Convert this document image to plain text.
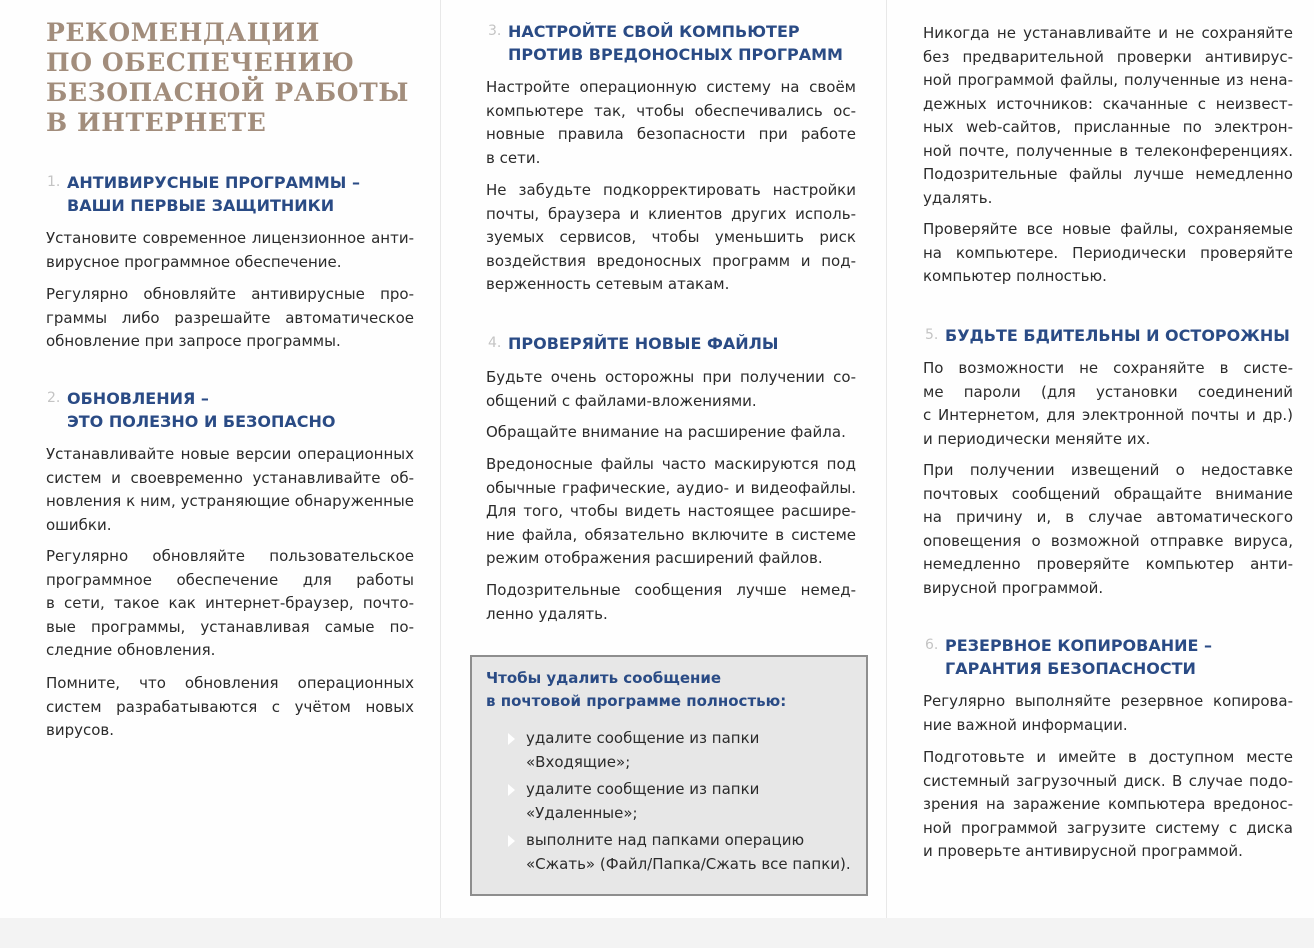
РЕКОМЕНДАЦИИ
ПО ОБЕСПЕЧЕНИЮ
БЕЗОПАСНОЙ РАБОТЫ
В ИНТЕРНЕТЕ
1. АНТИВИРУСНЫЕ ПРОГРАММЫ –
ВАШИ ПЕРВЫЕ ЗАЩИТНИКИ

Установите современное лицензионное анти-
вирусное программное обеспечение.

Регулярно обновляйте антивирусные про-
граммы либо разрешайте автоматическое
обновление при запросе программы.

2. ОБНОВЛЕНИЯ –
ЭТО ПОЛЕЗНО И БЕЗОПАСНО

Устанавливайте новые версии операционных
систем и своевременно устанавливайте об-
новления к ним, устраняющие обнаруженные
ошибки.

Регулярно обновляйте пользовательское
программное обеспечение для работы
в сети, такое как интернет-браузер, почто-
вые программы, устанавливая самые по-
следние обновления.

Помните, что обновления операционных
систем разрабатываются с учётом новых
вирусов.

3. НАСТРОЙТЕ СВОЙ КОМПЬЮТЕР
ПРОТИВ ВРЕДОНОСНЫХ ПРОГРАММ

Настройте операционную систему на своём
компьютере так, чтобы обеспечивались ос-
новные правила безопасности при работе
в сети.

Не забудьте подкорректировать настройки
почты, браузера и клиентов других исполь-
зуемых сервисов, чтобы уменьшить риск
воздействия вредоносных программ и под-
верженность сетевым атакам.

4. ПРОВЕРЯЙТЕ НОВЫЕ ФАЙЛЫ

Будьте очень осторожны при получении со-
общений с файлами-вложениями.

Обращайте внимание на расширение файла.

Вредоносные файлы часто маскируются под
обычные графические, аудио- и видеофайлы.
Для того, чтобы видеть настоящее расшире-
ние файла, обязательно включите в системе
режим отображения расширений файлов.

Подозрительные сообщения лучше немед-
ленно удалять.

Чтобы удалить сообщение
в почтовой программе полностью:

удалите сообщение из папки
«Входящие»;
удалите сообщение из папки
«Удаленные»;
выполните над папками операцию
«Сжать» (Файл/Папка/Сжать все папки).

Никогда не устанавливайте и не сохраняйте
без предварительной проверки антивирус-
ной программой файлы, полученные из нена-
дежных источников: скачанные с неизвест-
ных web-сайтов, присланные по электрон-
ной почте, полученные в телеконференциях.
Подозрительные файлы лучше немедленно
удалять.

Проверяйте все новые файлы, сохраняемые
на компьютере. Периодически проверяйте
компьютер полностью.

5. БУДЬТЕ БДИТЕЛЬНЫ И ОСТОРОЖНЫ

По возможности не сохраняйте в систе-
ме пароли (для установки соединений
с Интернетом, для электронной почты и др.)
и периодически меняйте их.

При получении извещений о недоставке
почтовых сообщений обращайте внимание
на причину и, в случае автоматического
оповещения о возможной отправке вируса,
немедленно проверяйте компьютер анти-
вирусной программой.

6. РЕЗЕРВНОЕ КОПИРОВАНИЕ –
ГАРАНТИЯ БЕЗОПАСНОСТИ

Регулярно выполняйте резервное копирова-
ние важной информации.

Подготовьте и имейте в доступном месте
системный загрузочный диск. В случае подо-
зрения на заражение компьютера вредонос-
ной программой загрузите систему с диска
и проверьте антивирусной программой.
